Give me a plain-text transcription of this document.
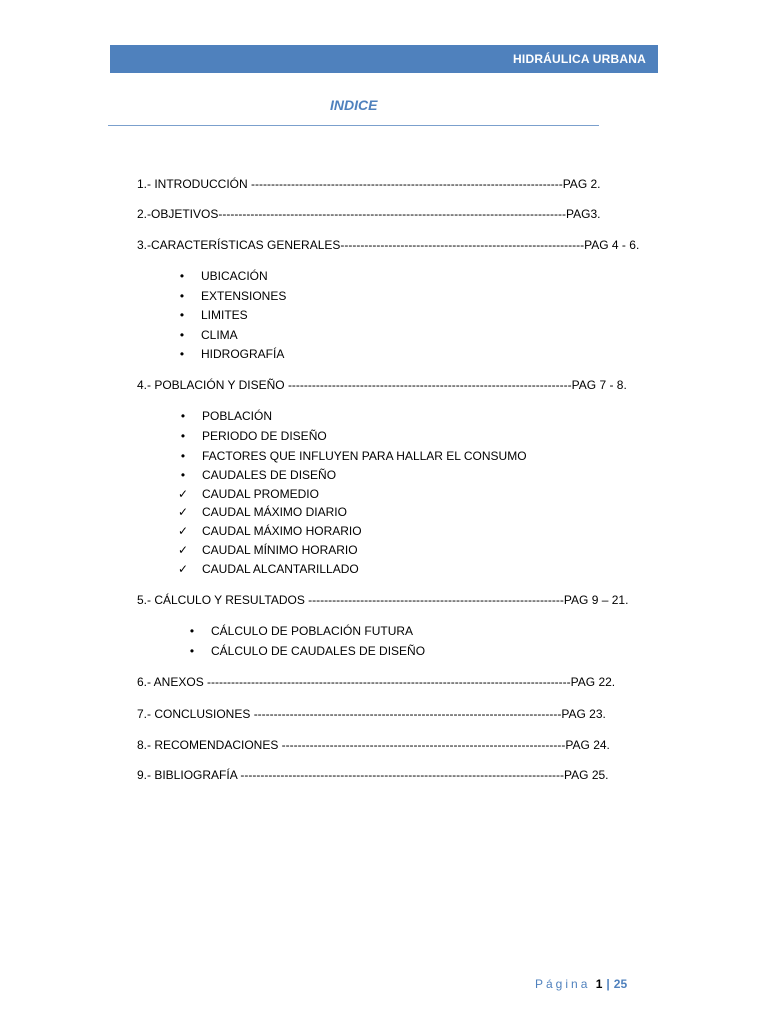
HIDRÁULICA URBANA
INDICE
1.- INTRODUCCIÓN ------------------------------------------------------------------------------PAG 2.
2.-OBJETIVOS---------------------------------------------------------------------------------------PAG3.
3.-CARACTERÍSTICAS GENERALES-------------------------------------------------------------PAG 4 - 6.
•	UBICACIÓN
•	EXTENSIONES
•	LIMITES
•	CLIMA
•	HIDROGRAFÍA
4.- POBLACIÓN Y DISEÑO -----------------------------------------------------------------------PAG 7 - 8.
•	POBLACIÓN
•	PERIODO DE DISEÑO
•	FACTORES QUE INFLUYEN PARA HALLAR EL CONSUMO
•	CAUDALES DE DISEÑO
✓ CAUDAL PROMEDIO
✓ CAUDAL MÁXIMO DIARIO
✓ CAUDAL MÁXIMO HORARIO
✓ CAUDAL MÍNIMO HORARIO
✓ CAUDAL ALCANTARILLADO
5.- CÁLCULO Y RESULTADOS ----------------------------------------------------------------PAG 9 – 21.
•	CÁLCULO DE POBLACIÓN FUTURA
•	CÁLCULO DE CAUDALES DE DISEÑO
6.- ANEXOS -------------------------------------------------------------------------------------------PAG 22.
7.- CONCLUSIONES -----------------------------------------------------------------------------PAG 23.
8.- RECOMENDACIONES -----------------------------------------------------------------------PAG 24.
9.- BIBLIOGRAFÍA ---------------------------------------------------------------------------------PAG 25.
Página 1 | 25
